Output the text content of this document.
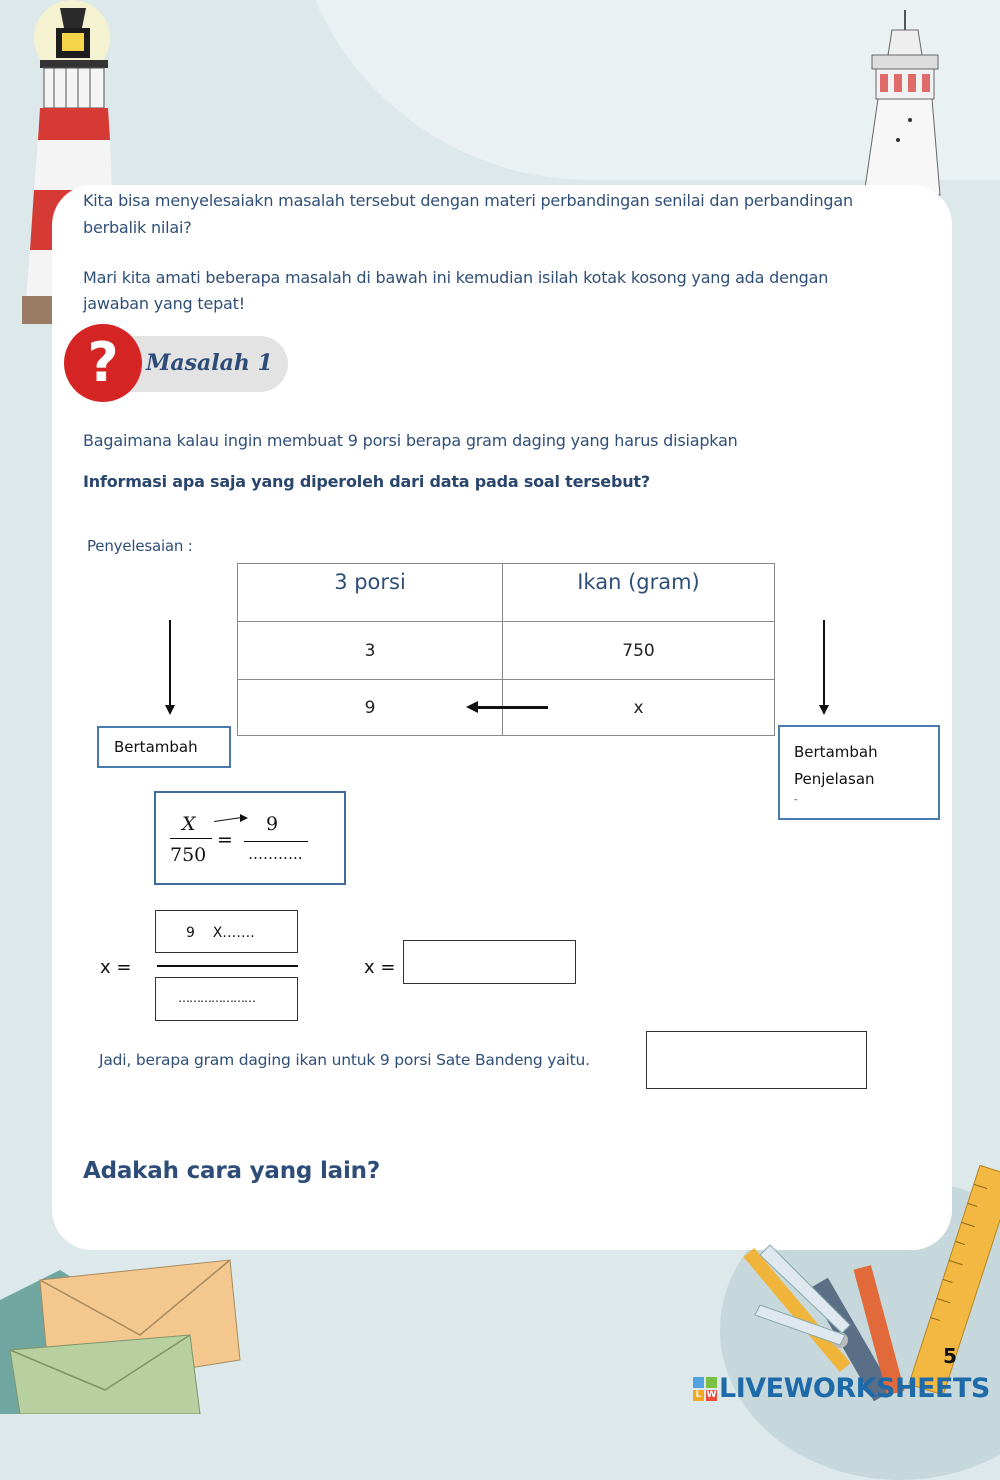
Kita bisa menyelesaiakn masalah tersebut dengan materi perbandingan senilai dan perbandingan
berbalik nilai?
Mari kita amati beberapa masalah di bawah ini kemudian isilah kotak kosong yang ada dengan
jawaban yang tepat!
?	Masalah 1
Bagaimana kalau ingin membuat 9 porsi berapa gram daging yang harus disiapkan
Informasi apa saja yang diperoleh dari data pada soal tersebut?
Penyelesaian :
3 porsi	Ikan (gram)
3	750
9	x
Bertambah	Bertambah
Penjelasan
-
X
750
=
9
………..
x =
9    X…….
…………………
x =
Jadi, berapa gram daging ikan untuk 9 porsi Sate Bandeng yaitu.
Adakah cara yang lain?
5
L W LIVEWORKSHEETS
